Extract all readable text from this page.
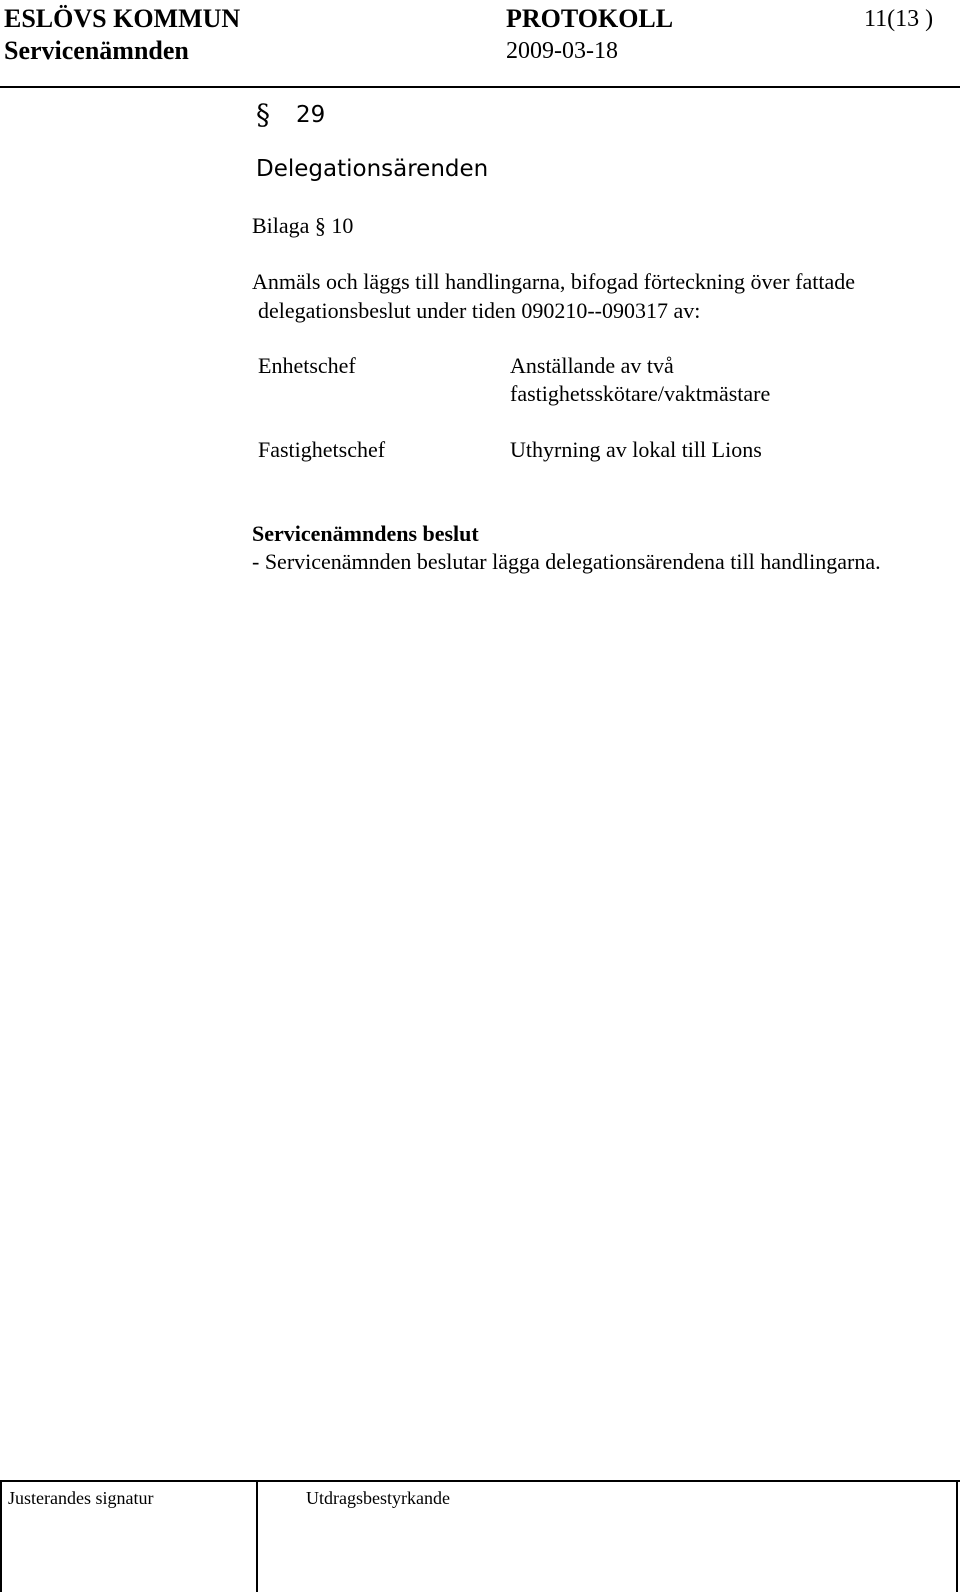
ESLÖVS KOMMUN	PROTOKOLL	11(13 )
Servicenämnden	2009-03-18
§ 29
Delegationsärenden
Bilaga § 10
Anmäls och läggs till handlingarna, bifogad förteckning över fattade
delegationsbeslut under tiden 090210--090317 av:
Enhetschef	Anställande av två
fastighetsskötare/vaktmästare
Fastighetschef	Uthyrning av lokal till Lions
Servicenämndens beslut
- Servicenämnden beslutar lägga delegationsärendena till handlingarna.
Justerandes signatur	Utdragsbestyrkande
